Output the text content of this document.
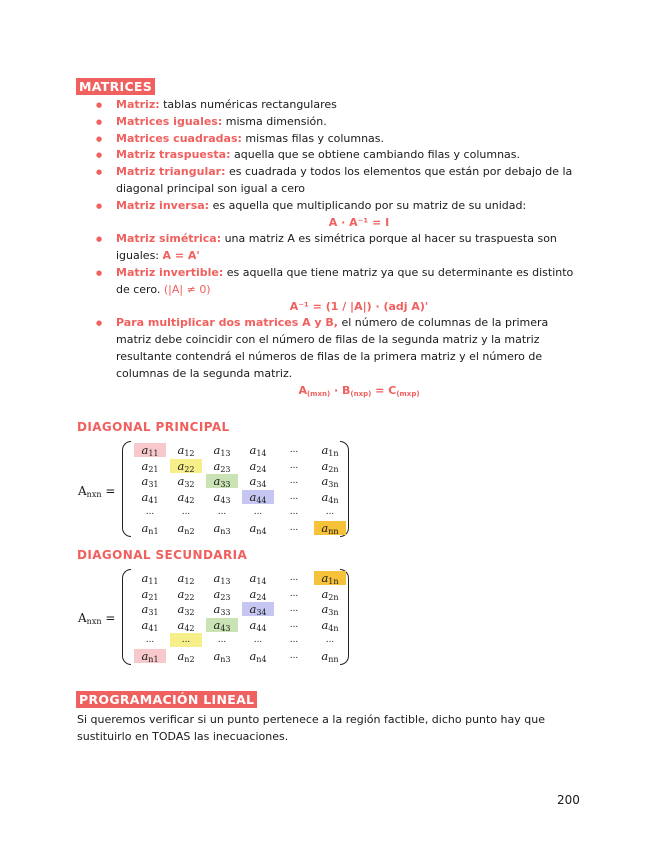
MATRICES
● Matriz: tablas numéricas rectangulares
● Matrices iguales: misma dimensión.
● Matrices cuadradas: mismas filas y columnas.
● Matriz traspuesta: aquella que se obtiene cambiando filas y columnas.
● Matriz triangular: es cuadrada y todos los elementos que están por debajo de la diagonal principal son igual a cero
● Matriz inversa: es aquella que multiplicando por su matriz de su unidad:
A · A⁻¹ = I
● Matriz simétrica: una matriz A es simétrica porque al hacer su traspuesta son iguales: A = A'
● Matriz invertible: es aquella que tiene matriz ya que su determinante es distinto de cero. (|A| ≠ 0)
A⁻¹ = (1 / |A|) · (adj A)'
● Para multiplicar dos matrices A y B, el número de columnas de la primera matriz debe coincidir con el número de filas de la segunda matriz y la matriz resultante contendrá el números de filas de la primera matriz y el número de columnas de la segunda matriz.
$A_{(mxn)} \cdot B_{(nxp)} = C_{(mxp)}$
DIAGONAL PRINCIPAL
Anxn =
a11	a12	a13	a14	...	a1n
a21	a22	a23	a24	...	a2n
a31	a32	a33	a34	...	a3n
a41	a42	a43	a44	...	a4n
...	...	...	...	...	...
an1	an2	an3	an4	...	ann
DIAGONAL SECUNDARIA
Anxn =
a11	a12	a13	a14	...	a1n
a21	a22	a23	a24	...	a2n
a31	a32	a33	a34	...	a3n
a41	a42	a43	a44	...	a4n
...	...	...	...	...	...
an1	an2	an3	an4	...	ann
PROGRAMACIÓN LINEAL
Si queremos verificar si un punto pertenece a la región factible, dicho punto hay que sustituirlo en TODAS las inecuaciones.
200
